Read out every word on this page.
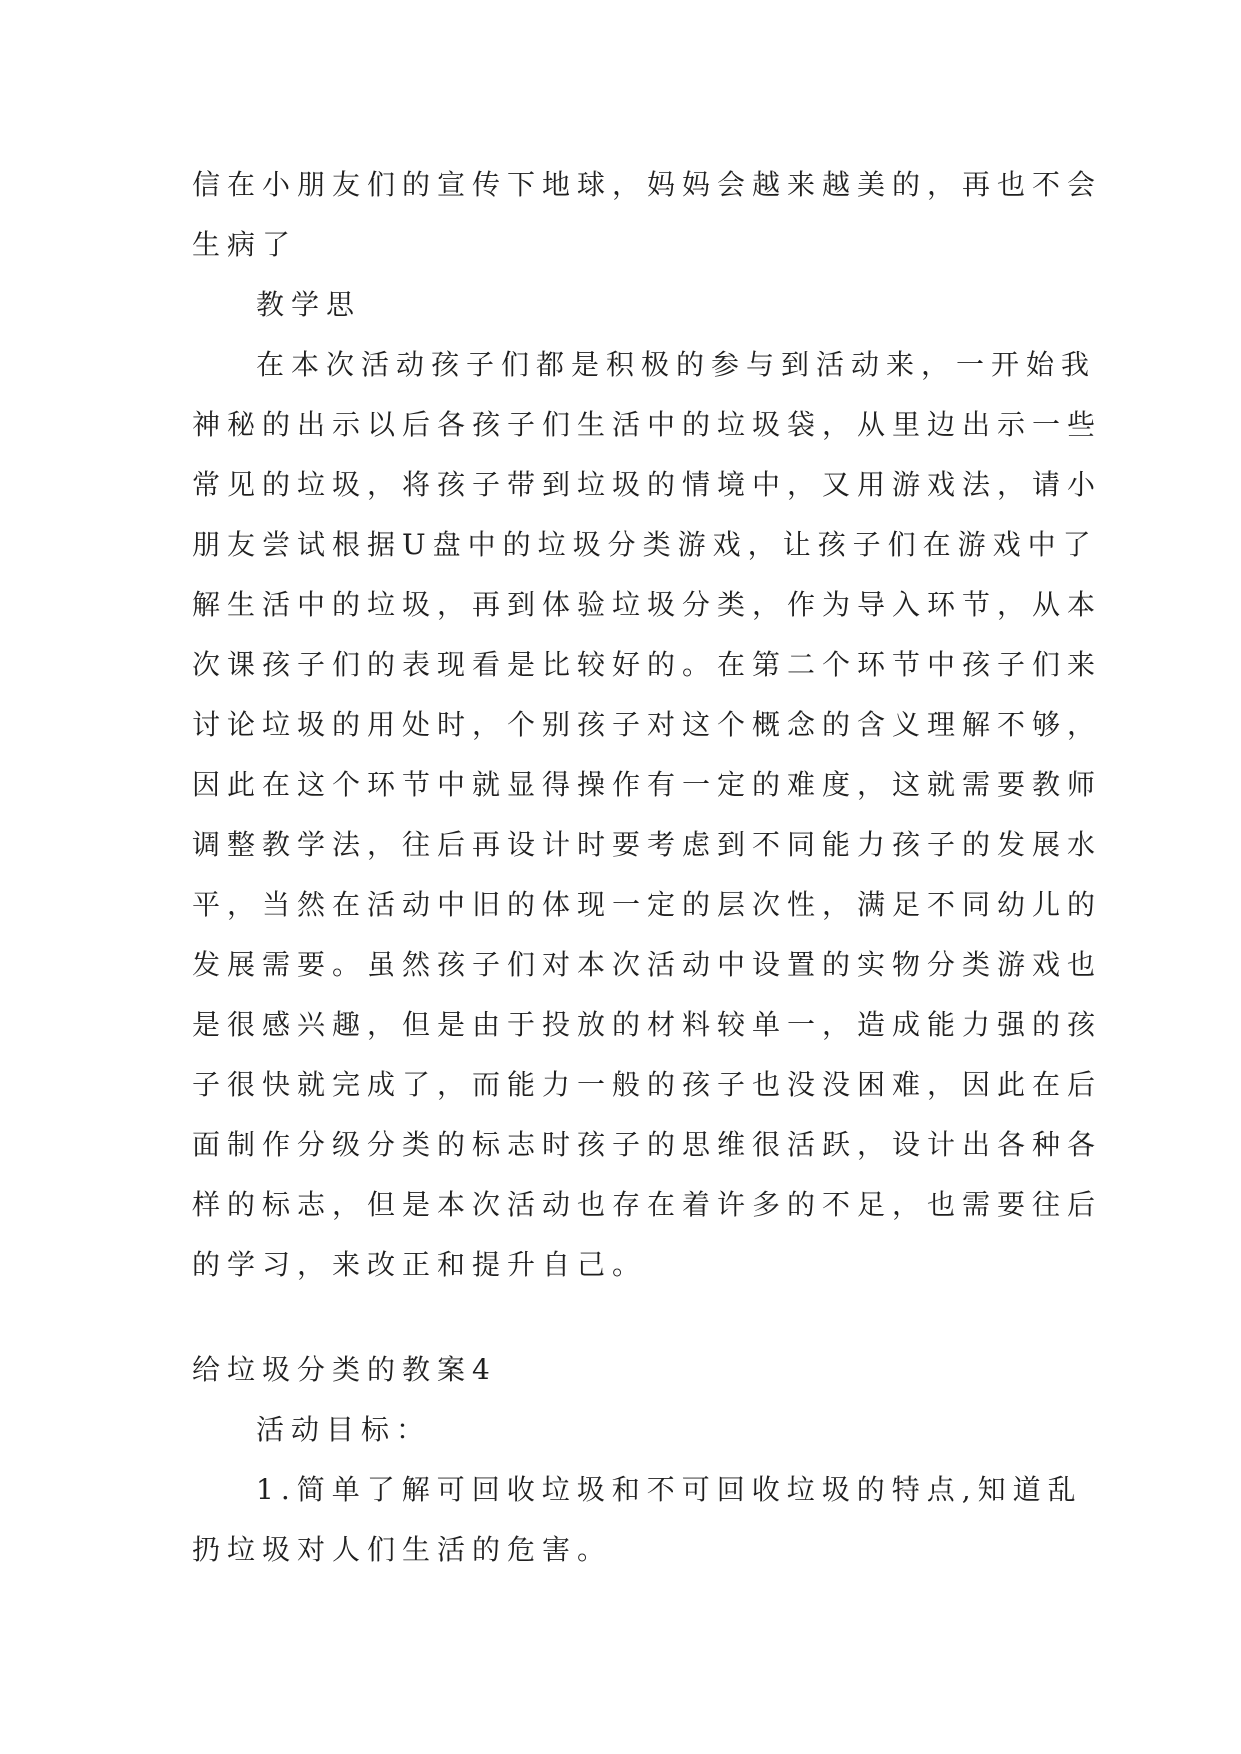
信在小朋友们的宣传下地球，妈妈会越来越美的，再也不会
生病了
教学思
在本次活动孩子们都是积极的参与到活动来，一开始我
神秘的出示以后各孩子们生活中的垃圾袋，从里边出示一些
常见的垃圾，将孩子带到垃圾的情境中，又用游戏法，请小
朋友尝试根据U盘中的垃圾分类游戏，让孩子们在游戏中了
解生活中的垃圾，再到体验垃圾分类，作为导入环节，从本
次课孩子们的表现看是比较好的。在第二个环节中孩子们来
讨论垃圾的用处时，个别孩子对这个概念的含义理解不够，
因此在这个环节中就显得操作有一定的难度，这就需要教师
调整教学法，往后再设计时要考虑到不同能力孩子的发展水
平，当然在活动中旧的体现一定的层次性，满足不同幼儿的
发展需要。虽然孩子们对本次活动中设置的实物分类游戏也
是很感兴趣，但是由于投放的材料较单一，造成能力强的孩
子很快就完成了，而能力一般的孩子也没没困难，因此在后
面制作分级分类的标志时孩子的思维很活跃，设计出各种各
样的标志，但是本次活动也存在着许多的不足，也需要往后
的学习，来改正和提升自己。
给垃圾分类的教案4
活动目标：
1.简单了解可回收垃圾和不可回收垃圾的特点,知道乱
扔垃圾对人们生活的危害。
